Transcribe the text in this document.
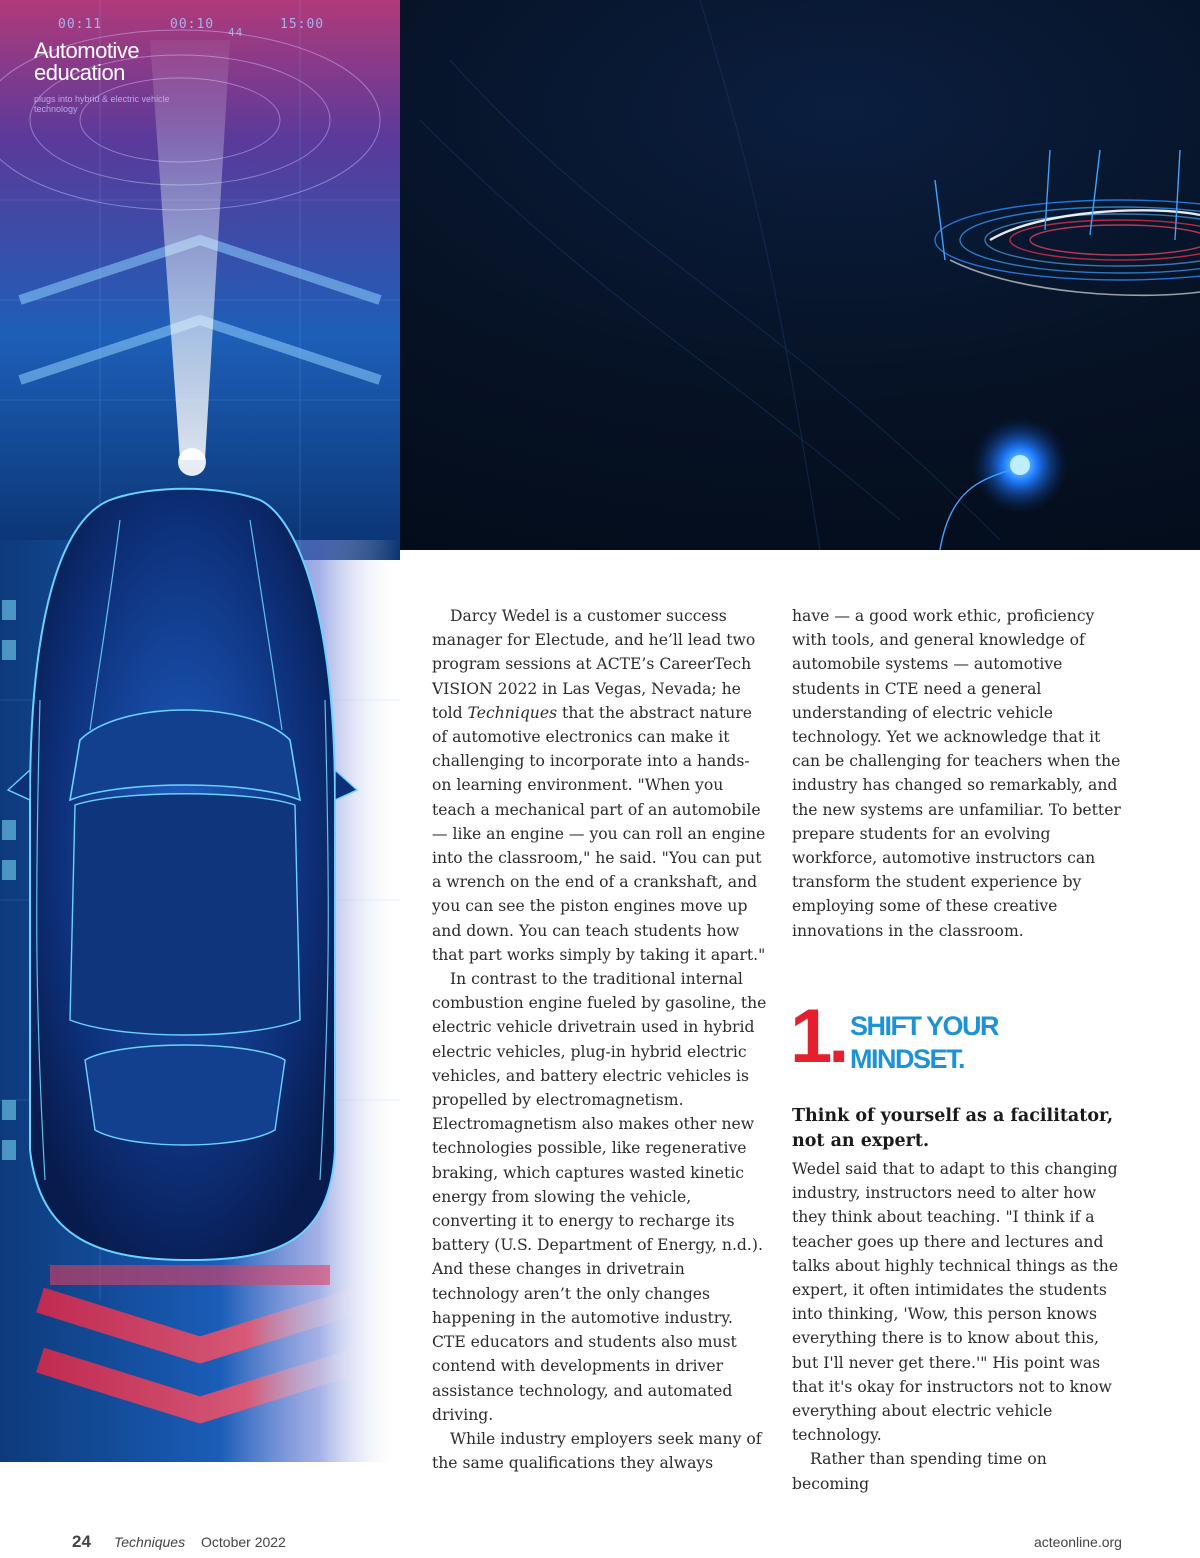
00:11	00:10
44
15:00
Automotive education
plugs into hybrid & electric vehicle technology

Darcy Wedel is a customer success manager for Electude, and he’ll lead two program sessions at ACTE’s CareerTech VISION 2022 in Las Vegas, Nevada; he told Techniques that the abstract nature of automotive electronics can make it challenging to incorporate into a hands-on learning environment. "When you teach a mechanical part of an automobile — like an engine — you can roll an engine into the classroom," he said. "You can put a wrench on the end of a crankshaft, and you can see the piston engines move up and down. You can teach students how that part works simply by taking it apart."

In contrast to the traditional internal combustion engine fueled by gasoline, the electric vehicle drivetrain used in hybrid electric vehicles, plug-in hybrid electric vehicles, and battery electric vehicles is propelled by electromagnetism. Electromagnetism also makes other new technologies possible, like regenerative braking, which captures wasted kinetic energy from slowing the vehicle, converting it to energy to recharge its battery (U.S. Department of Energy, n.d.). And these changes in drivetrain technology aren’t the only changes happening in the automotive industry. CTE educators and students also must contend with developments in driver assistance technology, and automated driving.

While industry employers seek many of the same qualifications they always

have — a good work ethic, proficiency with tools, and general knowledge of automobile systems — automotive students in CTE need a general understanding of electric vehicle technology. Yet we acknowledge that it can be challenging for teachers when the industry has changed so remarkably, and the new systems are unfamiliar. To better prepare students for an evolving workforce, automotive instructors can transform the student experience by employing some of these creative innovations in the classroom.

1. SHIFT YOUR MINDSET.
Think of yourself as a facilitator, not an expert.

Wedel said that to adapt to this changing industry, instructors need to alter how they think about teaching. "I think if a teacher goes up there and lectures and talks about highly technical things as the expert, it often intimidates the students into thinking, 'Wow, this person knows everything there is to know about this, but I'll never get there.'" His point was that it's okay for instructors not to know everything about electric vehicle technology.

Rather than spending time on becoming

24 Techniques October 2022	acteonline.org
